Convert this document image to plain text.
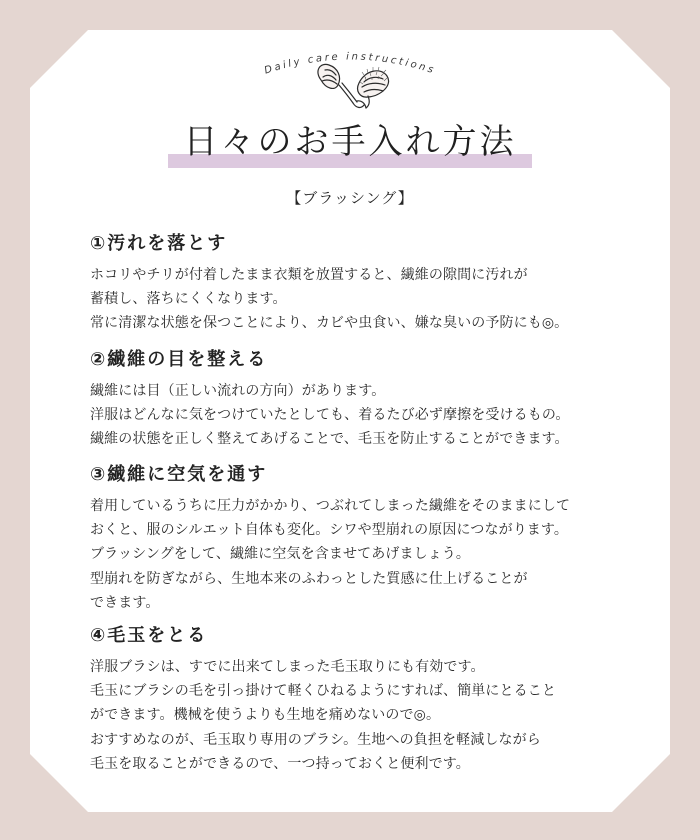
Daily care instructions
日々のお手入れ方法
【ブラッシング】
①汚れを落とす

ホコリやチリが付着したまま衣類を放置すると、繊維の隙間に汚れが
蓄積し、落ちにくくなります。
常に清潔な状態を保つことにより、カビや虫食い、嫌な臭いの予防にも◎。

②繊維の目を整える

繊維には目（正しい流れの方向）があります。
洋服はどんなに気をつけていたとしても、着るたび必ず摩擦を受けるもの。
繊維の状態を正しく整えてあげることで、毛玉を防止することができます。

③繊維に空気を通す

着用しているうちに圧力がかかり、つぶれてしまった繊維をそのままにして
おくと、服のシルエット自体も変化。シワや型崩れの原因につながります。
ブラッシングをして、繊維に空気を含ませてあげましょう。
型崩れを防ぎながら、生地本来のふわっとした質感に仕上げることが
できます。

④毛玉をとる

洋服ブラシは、すでに出来てしまった毛玉取りにも有効です。
毛玉にブラシの毛を引っ掛けて軽くひねるようにすれば、簡単にとること
ができます。機械を使うよりも生地を痛めないので◎。
おすすめなのが、毛玉取り専用のブラシ。生地への負担を軽減しながら
毛玉を取ることができるので、一つ持っておくと便利です。
